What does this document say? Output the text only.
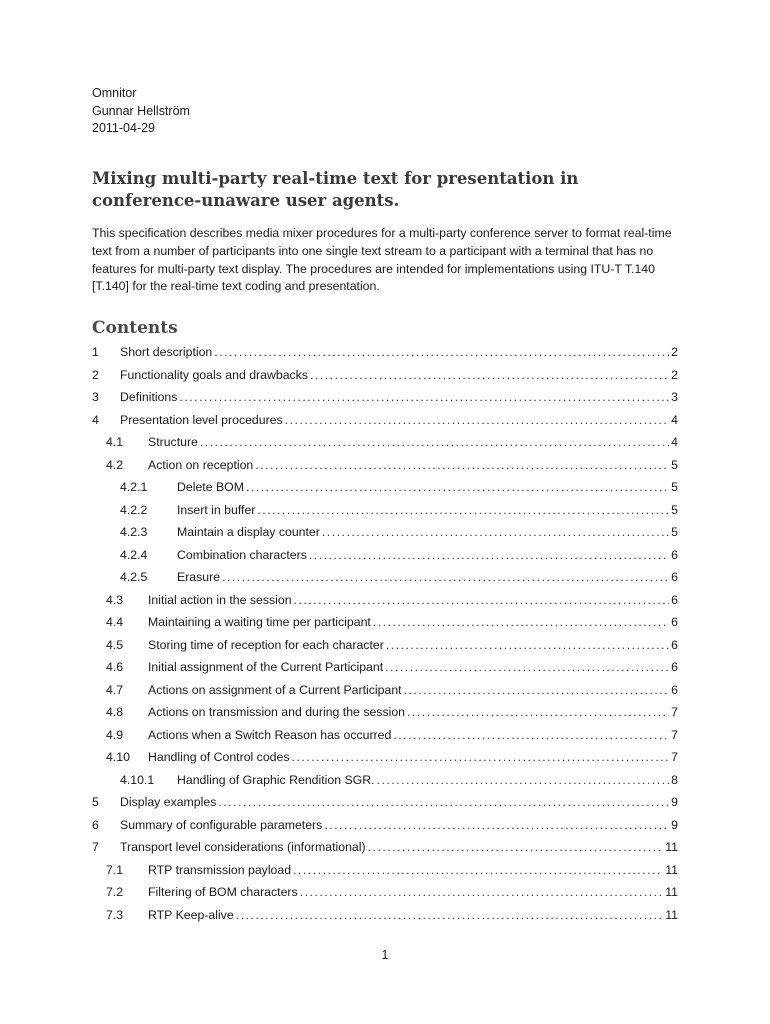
Omnitor
Gunnar Hellström
2011-04-29
Mixing multi-party real-time text for presentation in
conference-unaware user agents.
This specification describes media mixer procedures for a multi-party conference server to format real-time text from a number of participants into one single text stream to a participant with a terminal that has no features for multi-party text display. The procedures are intended for implementations using ITU-T T.140 [T.140] for the real-time text coding and presentation.
Contents
1 Short description .....	2
2 Functionality goals and drawbacks .....	2
3 Definitions .....	3
4 Presentation level procedures .....	4
4.1 Structure .....	4
4.2 Action on reception .....	5
4.2.1 Delete BOM .....	5
4.2.2 Insert in buffer .....	5
4.2.3 Maintain a display counter .....	5
4.2.4 Combination characters .....	6
4.2.5 Erasure .....	6
4.3 Initial action in the session .....	6
4.4 Maintaining a waiting time per participant .....	6
4.5 Storing time of reception for each character .....	6
4.6 Initial assignment of the Current Participant .....	6
4.7 Actions on assignment of a Current Participant .....	6
4.8 Actions on transmission and during the session .....	7
4.9 Actions when a Switch Reason has occurred .....	7
4.10 Handling of Control codes .....	7
4.10.1 Handling of Graphic Rendition SGR. .....	8
5 Display examples .....	9
6 Summary of configurable parameters .....	9
7 Transport level considerations (informational) .....	11
7.1 RTP transmission payload .....	11
7.2 Filtering of BOM characters .....	11
7.3 RTP Keep-alive .....	11
1
